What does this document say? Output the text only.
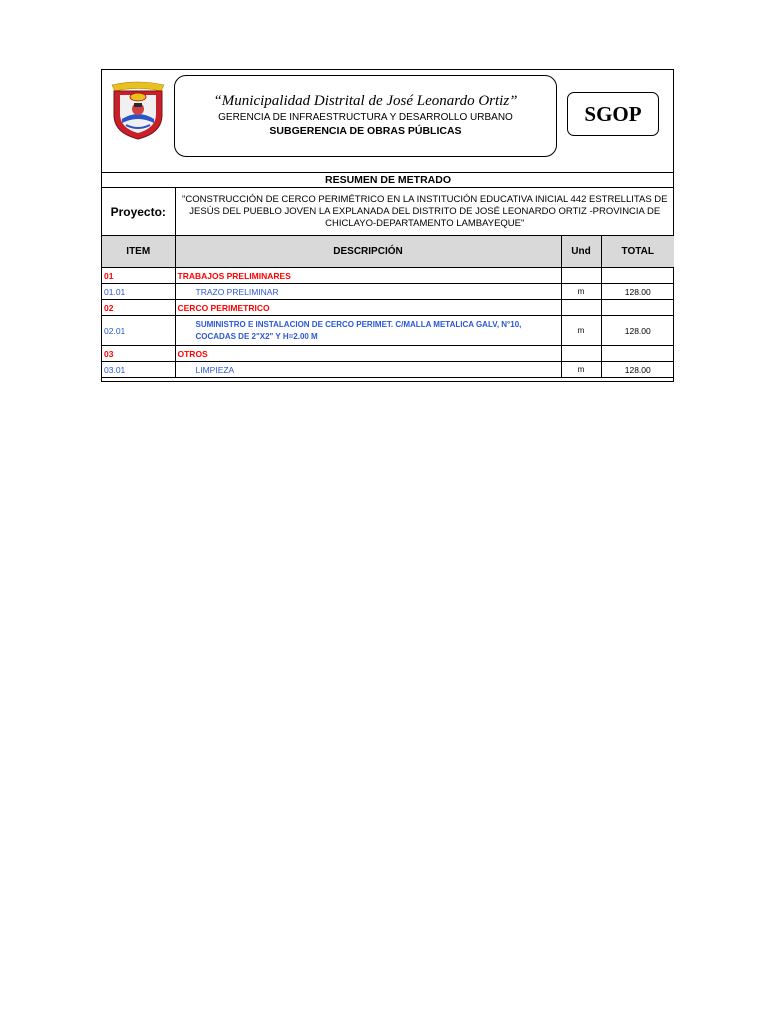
“Municipalidad Distrital de José Leonardo Ortiz”
GERENCIA DE INFRAESTRUCTURA Y DESARROLLO URBANO
SUBGERENCIA DE OBRAS PÚBLICAS
SGOP
RESUMEN DE METRADO			
Proyecto:	"CONSTRUCCIÓN DE CERCO PERIMÉTRICO EN LA INSTITUCIÓN EDUCATIVA INICIAL 442 ESTRELLITAS DE JESÚS DEL PUEBLO JOVEN LA EXPLANADA DEL DISTRITO DE JOSÉ LEONARDO ORTIZ -PROVINCIA DE CHICLAYO-DEPARTAMENTO LAMBAYEQUE"		
ITEM	DESCRIPCIÓN	Und	TOTAL
01	TRABAJOS PRELIMINARES		
01.01	TRAZO PRELIMINAR	m	128.00
02	CERCO PERIMETRICO		
02.01	SUMINISTRO E INSTALACION DE CERCO PERIMET. C/MALLA METALICA GALV, N°10, COCADAS DE 2"X2" Y H=2.00 M	m	128.00
03	OTROS		
03.01	LIMPIEZA	m	128.00
